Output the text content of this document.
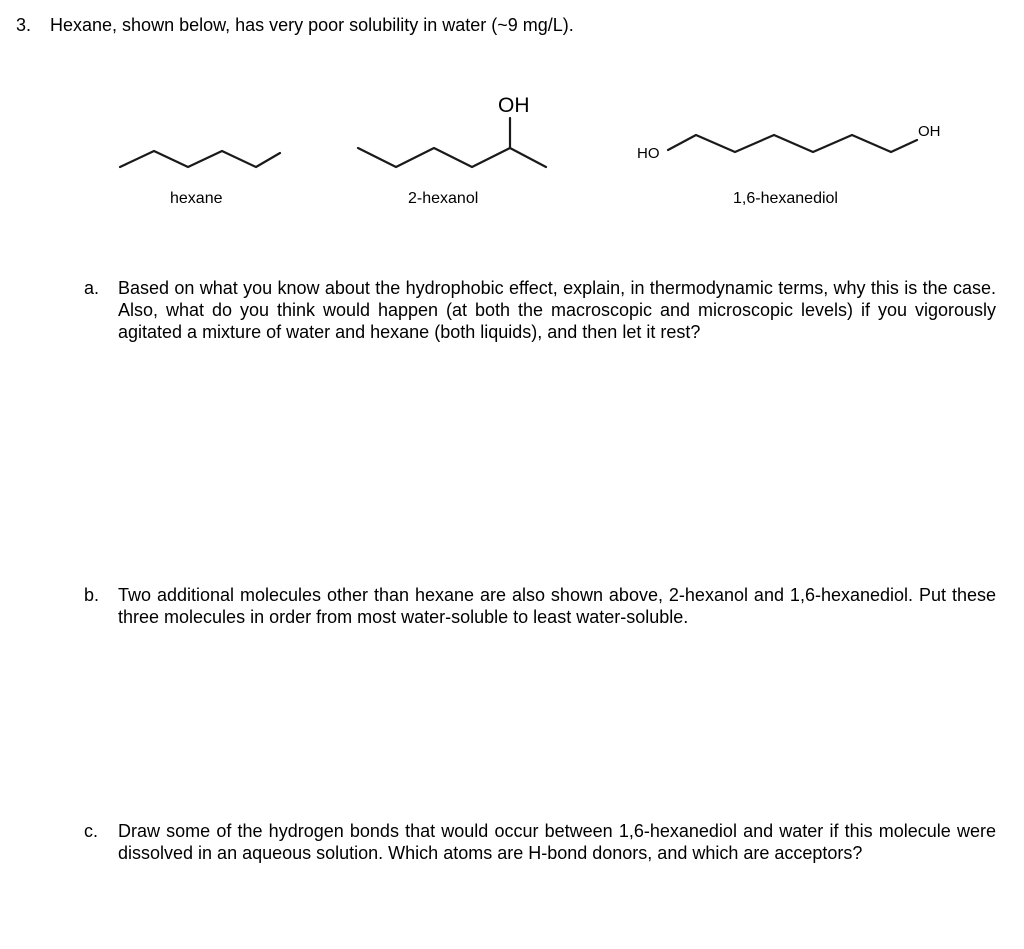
3. Hexane, shown below, has very poor solubility in water (~9 mg/L).
OH
HO
OH
hexane	2-hexanol	1,6-hexanediol
a. Based on what you know about the hydrophobic effect, explain, in thermodynamic terms, why this is the case. Also, what do you think would happen (at both the macroscopic and microscopic levels) if you vigorously agitated a mixture of water and hexane (both liquids), and then let it rest?
b. Two additional molecules other than hexane are also shown above, 2-hexanol and 1,6-hexanediol. Put these three molecules in order from most water-soluble to least water-soluble.
c. Draw some of the hydrogen bonds that would occur between 1,6-hexanediol and water if this molecule were dissolved in an aqueous solution. Which atoms are H-bond donors, and which are acceptors?
